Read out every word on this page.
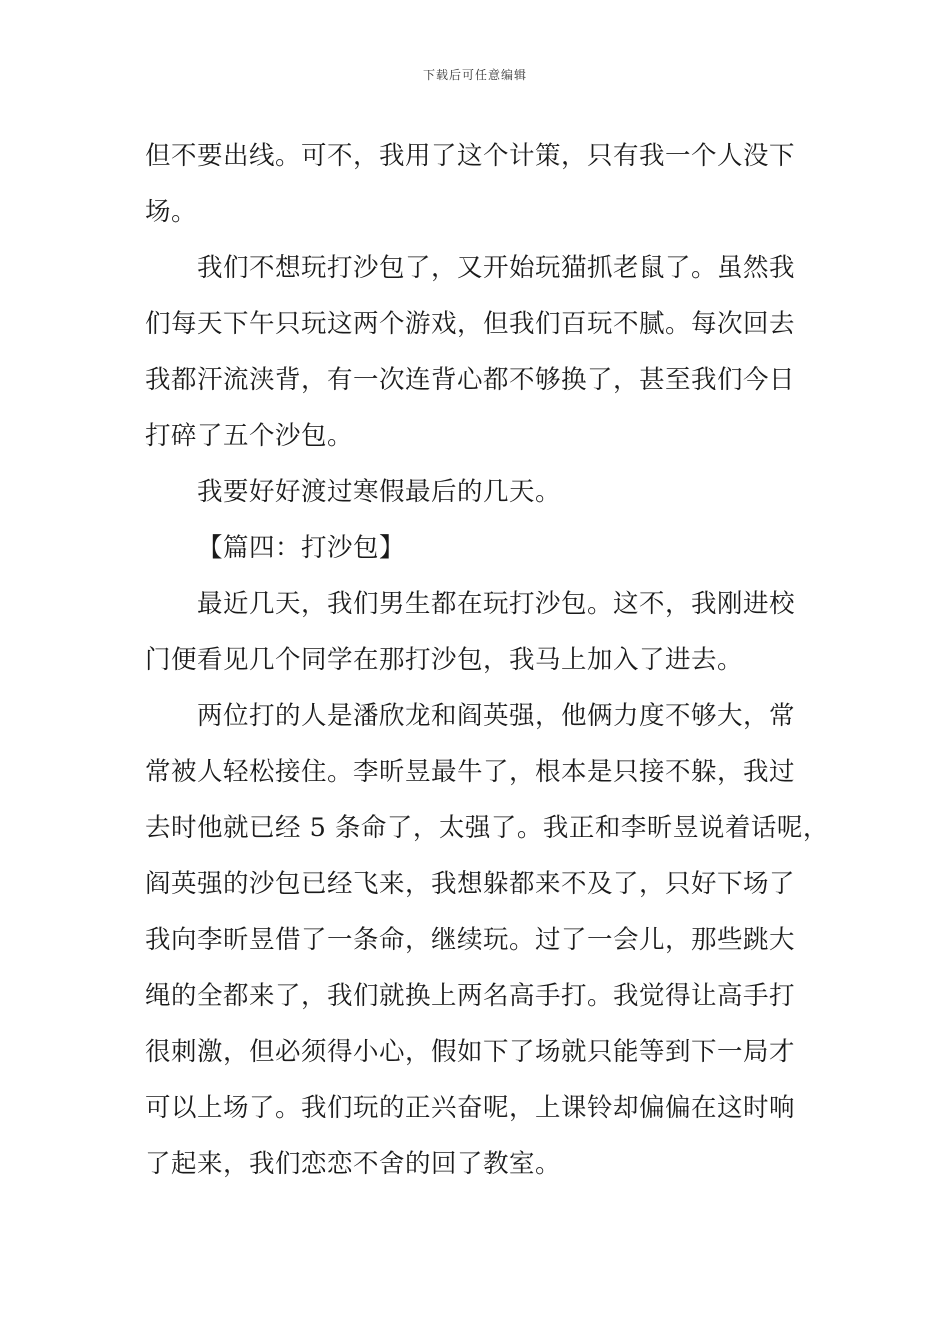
下载后可任意编辑
但不要出线。可不，我用了这个计策，只有我一个人没下
场。
我们不想玩打沙包了，又开始玩猫抓老鼠了。虽然我
们每天下午只玩这两个游戏，但我们百玩不腻。每次回去
我都汗流浃背，有一次连背心都不够换了，甚至我们今日
打碎了五个沙包。
我要好好渡过寒假最后的几天。
【篇四：打沙包】
最近几天，我们男生都在玩打沙包。这不，我刚进校
门便看见几个同学在那打沙包，我马上加入了进去。
两位打的人是潘欣龙和阎英强，他俩力度不够大，常
常被人轻松接住。李昕昱最牛了，根本是只接不躲，我过
去时他就已经 5 条命了，太强了。我正和李昕昱说着话呢，
阎英强的沙包已经飞来，我想躲都来不及了，只好下场了
我向李昕昱借了一条命，继续玩。过了一会儿，那些跳大
绳的全都来了，我们就换上两名高手打。我觉得让高手打
很刺激，但必须得小心，假如下了场就只能等到下一局才
可以上场了。我们玩的正兴奋呢，上课铃却偏偏在这时响
了起来，我们恋恋不舍的回了教室。
